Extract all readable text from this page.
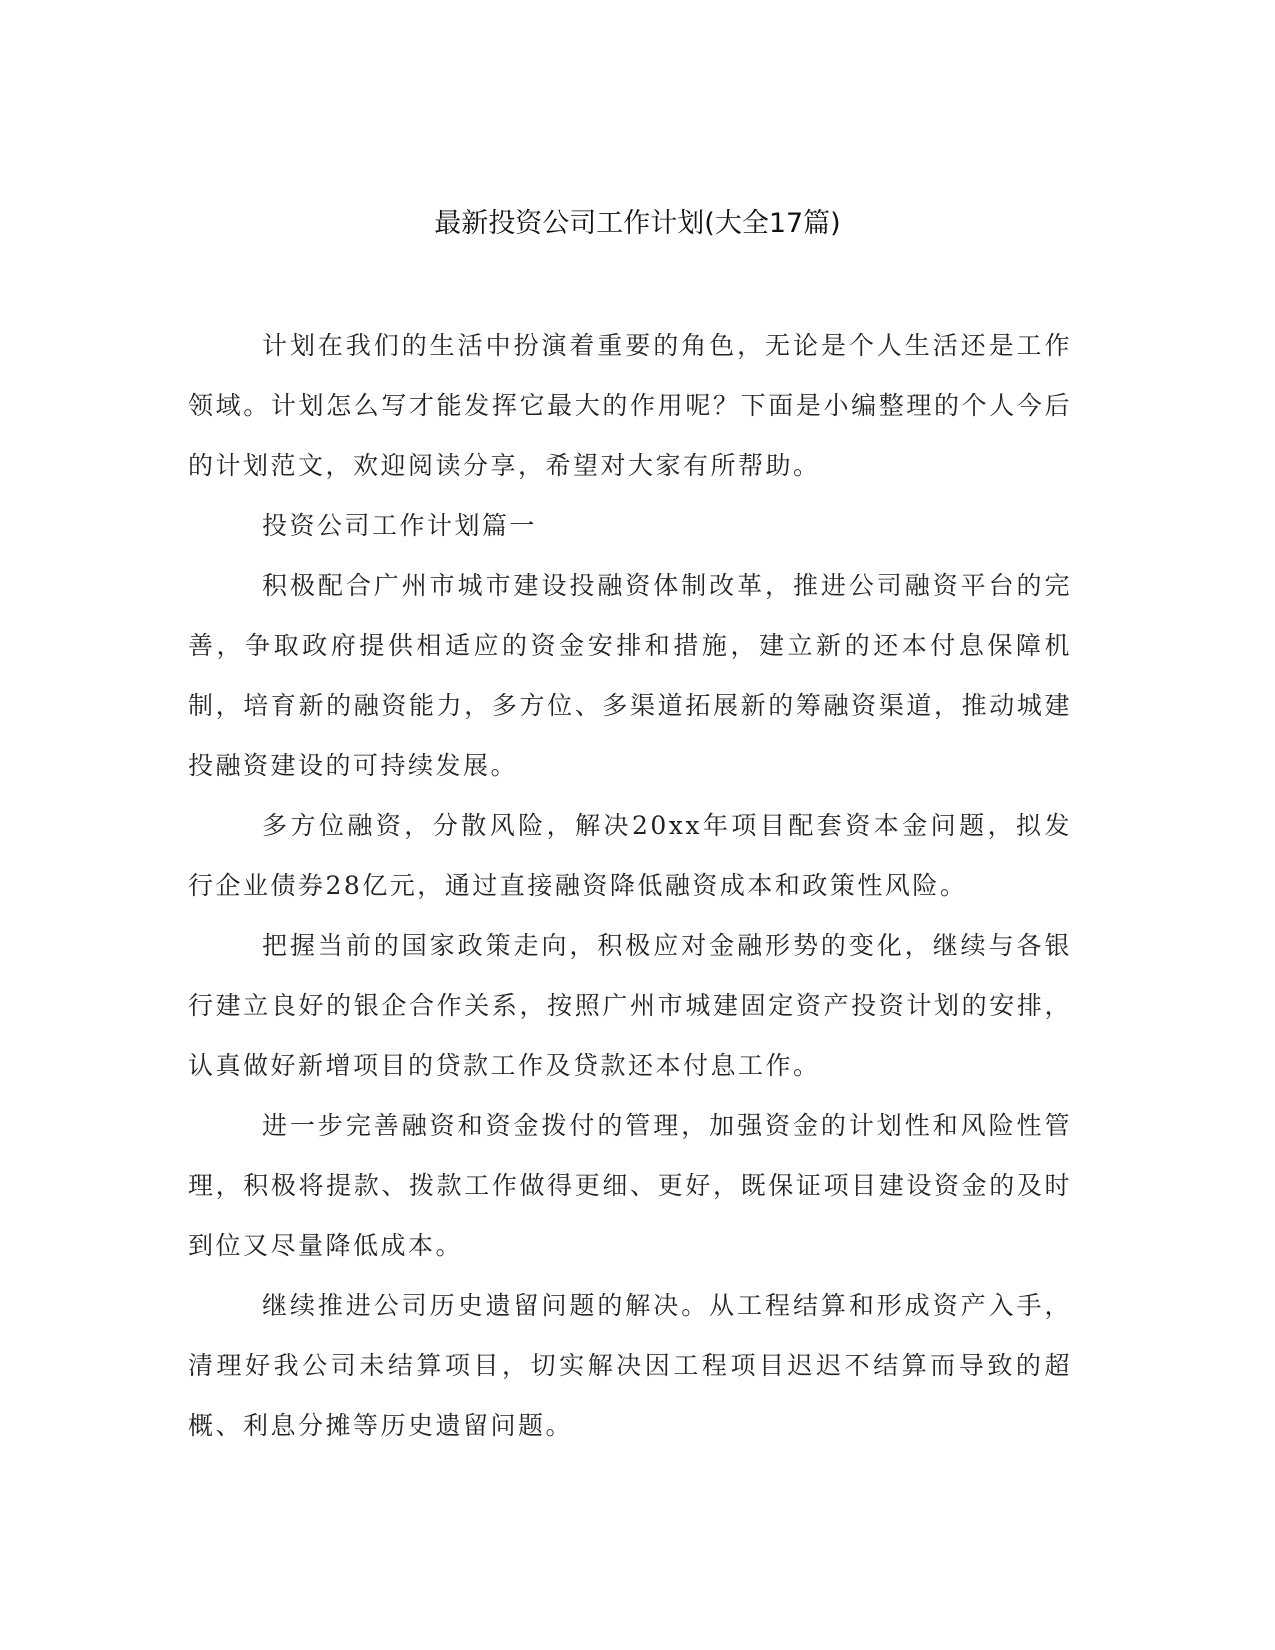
最新投资公司工作计划(大全17篇)

计划在我们的生活中扮演着重要的角色，无论是个人生活还是工作领域。计划怎么写才能发挥它最大的作用呢？下面是小编整理的个人今后的计划范文，欢迎阅读分享，希望对大家有所帮助。

投资公司工作计划篇一

积极配合广州市城市建设投融资体制改革，推进公司融资平台的完善，争取政府提供相适应的资金安排和措施，建立新的还本付息保障机制，培育新的融资能力，多方位、多渠道拓展新的筹融资渠道，推动城建投融资建设的可持续发展。

多方位融资，分散风险，解决20xx年项目配套资本金问题，拟发行企业债券28亿元，通过直接融资降低融资成本和政策性风险。

把握当前的国家政策走向，积极应对金融形势的变化，继续与各银行建立良好的银企合作关系，按照广州市城建固定资产投资计划的安排，认真做好新增项目的贷款工作及贷款还本付息工作。

进一步完善融资和资金拨付的管理，加强资金的计划性和风险性管理，积极将提款、拨款工作做得更细、更好，既保证项目建设资金的及时到位又尽量降低成本。

继续推进公司历史遗留问题的解决。从工程结算和形成资产入手，清理好我公司未结算项目，切实解决因工程项目迟迟不结算而导致的超概、利息分摊等历史遗留问题。
